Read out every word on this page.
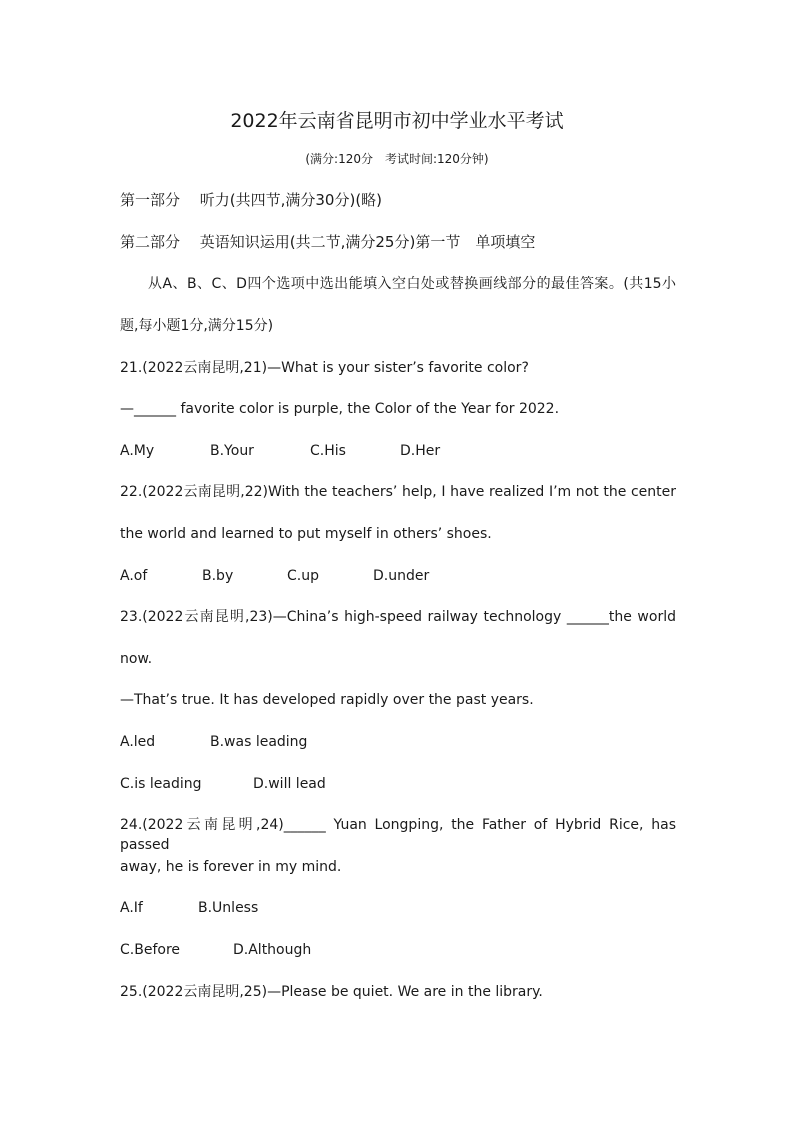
2022年云南省昆明市初中学业水平考试
(满分:120分　考试时间:120分钟)
第一部分　 听力(共四节,满分30分)(略)
第二部分　 英语知识运用(共二节,满分25分)第一节　单项填空
从A、B、C、D四个选项中选出能填入空白处或替换画线部分的最佳答案。(共15小
题,每小题1分,满分15分)
21.(2022云南昆明,21)—What is your sister’s favorite color?
—______ favorite color is purple, the Color of the Year for 2022.
A.My	B.Your	C.His	D.Her
22.(2022云南昆明,22)With the teachers’ help, I have realized I’m not the center
the world and learned to put myself in others’ shoes.
A.of	B.by	C.up	D.under
23.(2022云南昆明,23)—China’s high-speed railway technology ______the world
now.
—That’s true. It has developed rapidly over the past years.
A.led	B.was leading
C.is leading	D.will lead
24.(2022云南昆明,24)______ Yuan Longping, the Father of Hybrid Rice, has passed
away, he is forever in my mind.
A.If	B.Unless
C.Before	D.Although
25.(2022云南昆明,25)—Please be quiet. We are in the library.
